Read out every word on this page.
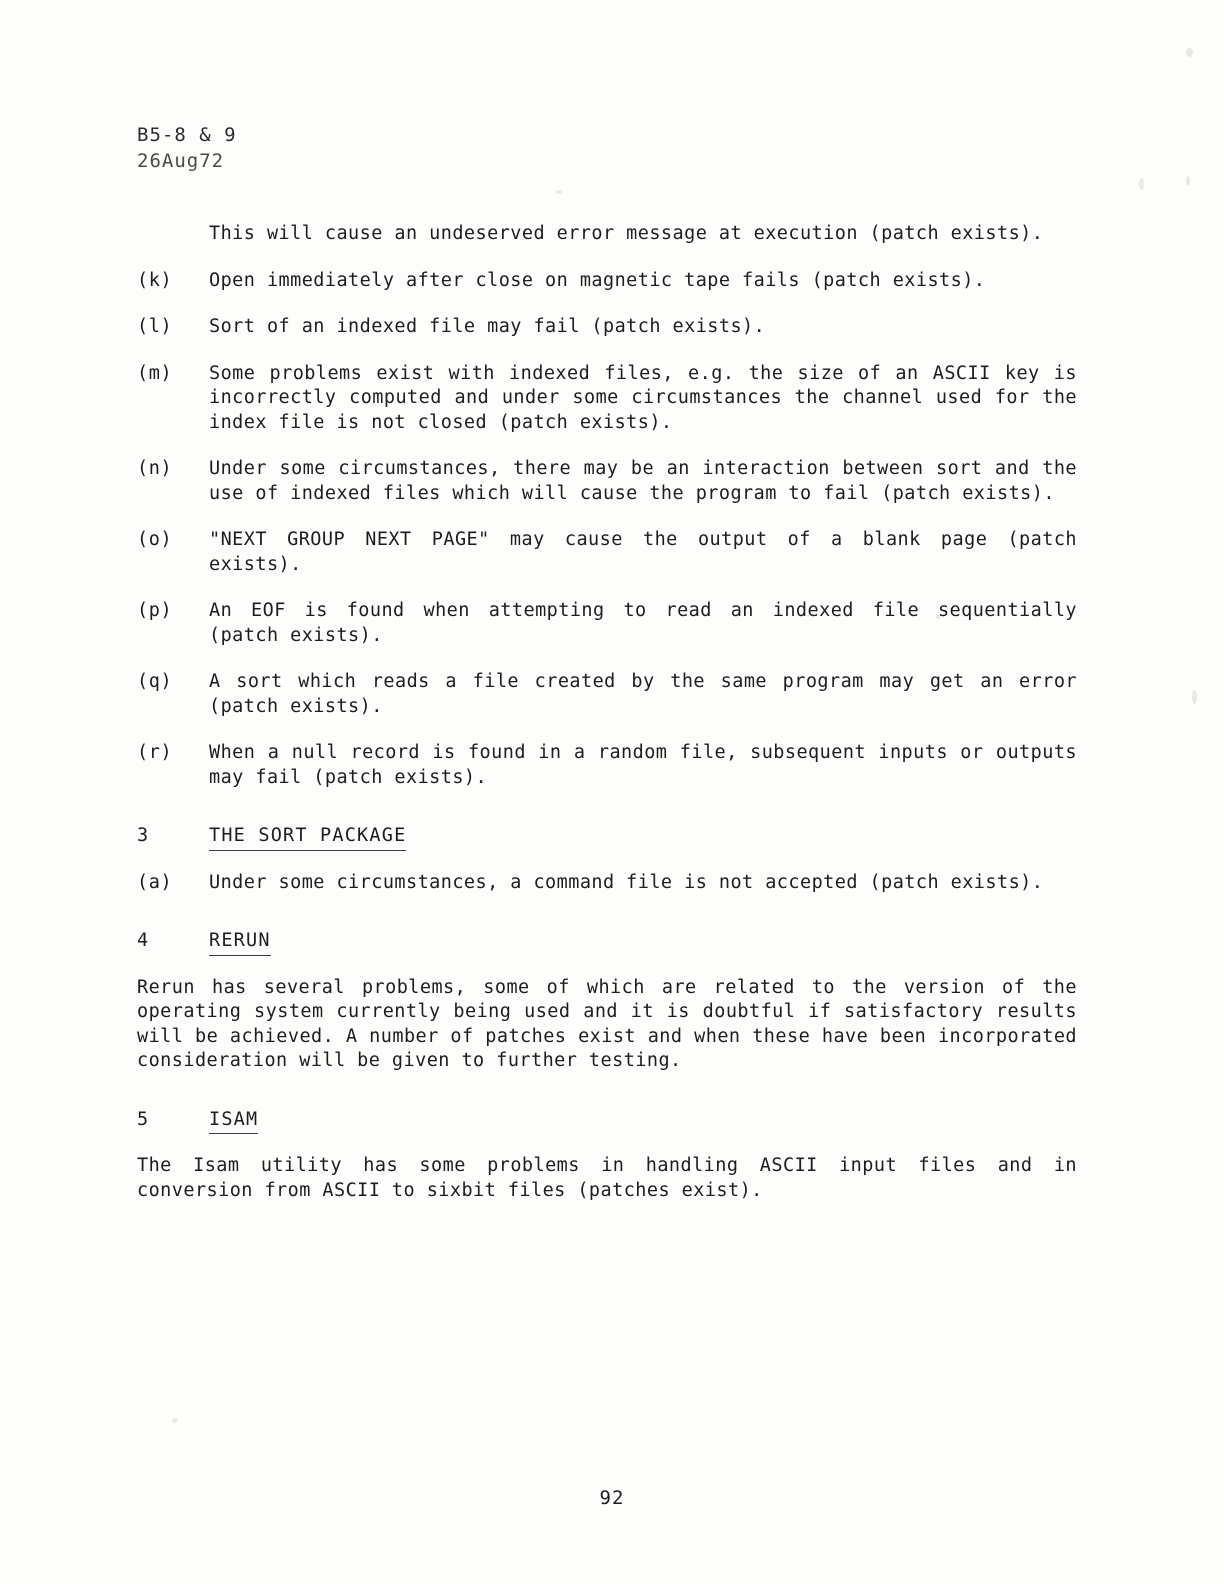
B5-8 & 9
26Aug72
This will cause an undeserved error message at execution (patch exists).
(k)	Open immediately after close on magnetic tape fails (patch exists).
(l)	Sort of an indexed file may fail (patch exists).
(m)	Some problems exist with indexed files, e.g. the size of an ASCII key is incorrectly computed and under some circumstances the channel used for the index file is not closed (patch exists).
(n)	Under some circumstances, there may be an interaction between sort and the use of indexed files which will cause the program to fail (patch exists).
(o)	"NEXT GROUP NEXT PAGE" may cause the output of a blank page (patch exists).
(p)	An EOF is found when attempting to read an indexed file sequentially (patch exists).
(q)	A sort which reads a file created by the same program may get an error (patch exists).
(r)	When a null record is found in a random file, subsequent inputs or outputs may fail (patch exists).
3	THE SORT PACKAGE
(a)	Under some circumstances, a command file is not accepted (patch exists).
4	RERUN
Rerun has several problems, some of which are related to the version of the operating system currently being used and it is doubtful if satisfactory results will be achieved. A number of patches exist and when these have been incorporated consideration will be given to further testing.
5	ISAM
The Isam utility has some problems in handling ASCII input files and in conversion from ASCII to sixbit files (patches exist).
92
